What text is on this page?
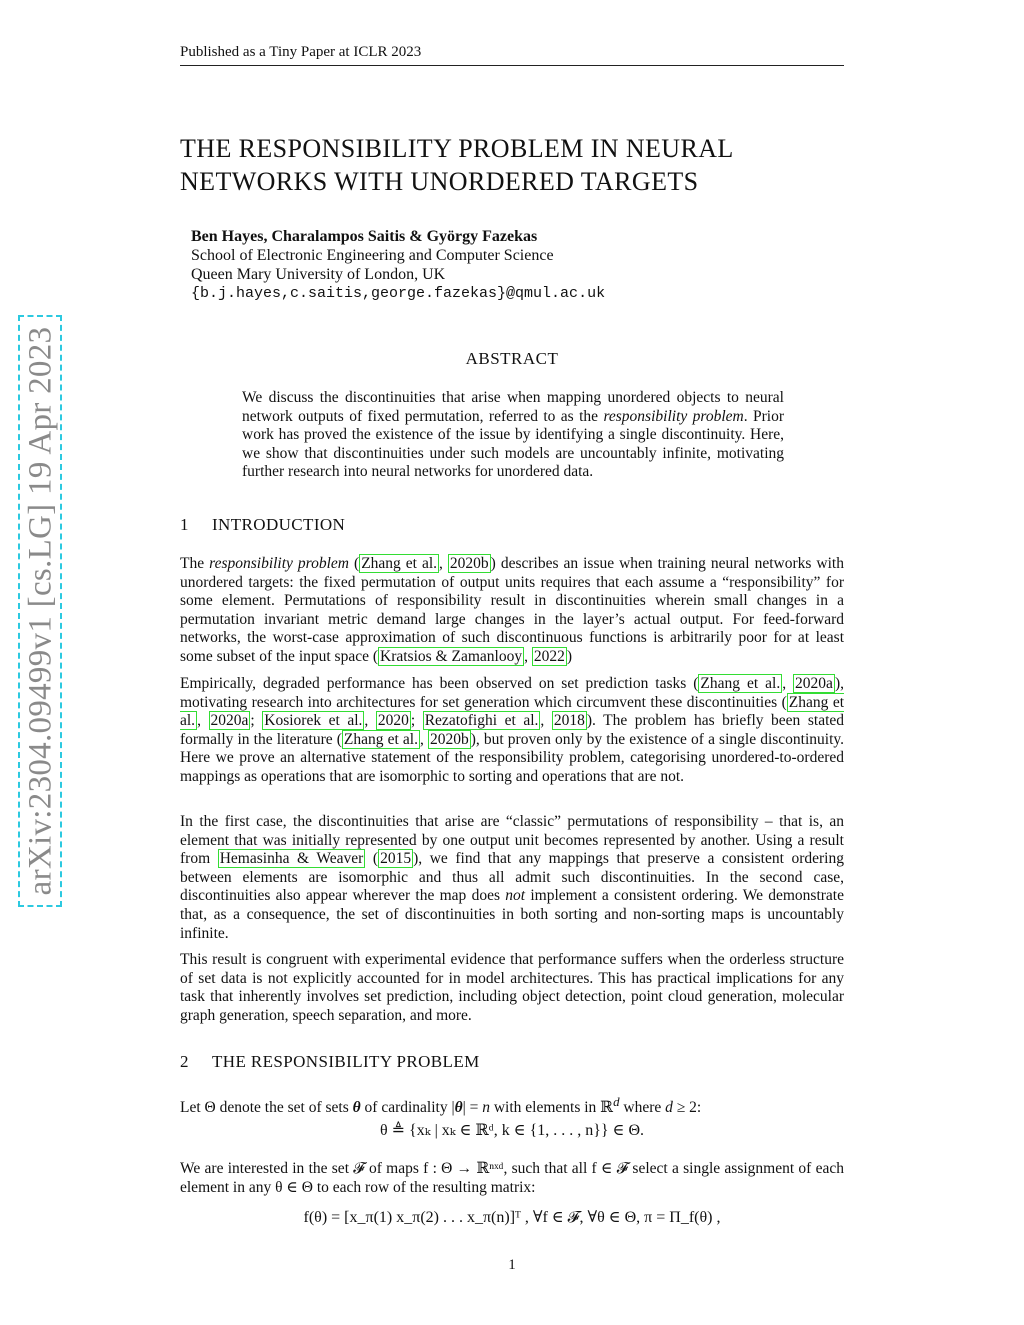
Published as a Tiny Paper at ICLR 2023
arXiv:2304.09499v1 [cs.LG] 19 Apr 2023
THE RESPONSIBILITY PROBLEM IN NEURAL
NETWORKS WITH UNORDERED TARGETS
Ben Hayes, Charalampos Saitis & György Fazekas
School of Electronic Engineering and Computer Science
Queen Mary University of London, UK
{b.j.hayes,c.saitis,george.fazekas}@qmul.ac.uk
ABSTRACT
We discuss the discontinuities that arise when mapping unordered objects to neural network outputs of fixed permutation, referred to as the responsibility problem. Prior work has proved the existence of the issue by identifying a single discontinuity. Here, we show that discontinuities under such models are uncountably infinite, motivating further research into neural networks for unordered data.
1 INTRODUCTION
The responsibility problem ( Zhang et al. , 2020b ) describes an issue when training neural networks with unordered targets: the fixed permutation of output units requires that each assume a “responsibility” for some element. Permutations of responsibility result in discontinuities wherein small changes in a permutation invariant metric demand large changes in the layer’s actual output. For feed-forward networks, the worst-case approximation of such discontinuous functions is arbitrarily poor for at least some subset of the input space ( Kratsios & Zamanlooy , 2022 )
Empirically, degraded performance has been observed on set prediction tasks ( Zhang et al. , 2020a ), motivating research into architectures for set generation which circumvent these discontinuities ( Zhang et al. , 2020a ; Kosiorek et al. , 2020 ; Rezatofighi et al. , 2018 ). The problem has briefly been stated formally in the literature ( Zhang et al. , 2020b ), but proven only by the existence of a single discontinuity. Here we prove an alternative statement of the responsibility problem, categorising unordered-to-ordered mappings as operations that are isomorphic to sorting and operations that are not.
In the first case, the discontinuities that arise are “classic” permutations of responsibility – that is, an element that was initially represented by one output unit becomes represented by another. Using a result from Hemasinha & Weaver ( 2015 ), we find that any mappings that preserve a consistent ordering between elements are isomorphic and thus all admit such discontinuities. In the second case, discontinuities also appear wherever the map does not implement a consistent ordering. We demonstrate that, as a consequence, the set of discontinuities in both sorting and non-sorting maps is uncountably infinite.
This result is congruent with experimental evidence that performance suffers when the orderless structure of set data is not explicitly accounted for in model architectures. This has practical implications for any task that inherently involves set prediction, including object detection, point cloud generation, molecular graph generation, speech separation, and more.
2 THE RESPONSIBILITY PROBLEM
Let Θ denote the set of sets θ of cardinality |θ| = n with elements in ℝ$^d$ where d ≥ 2:
θ ≜ {xₖ | xₖ ∈ ℝᵈ, k ∈ {1, . . . , n}} ∈ Θ.
We are interested in the set 𝓕 of maps f : Θ → ℝⁿˣᵈ, such that all f ∈ 𝓕 select a single assignment of each element in any θ ∈ Θ to each row of the resulting matrix:
f(θ) = [x_π(1) x_π(2) . . . x_π(n)]ᵀ , ∀f ∈ 𝓕, ∀θ ∈ Θ, π = Π_f(θ) ,
1
